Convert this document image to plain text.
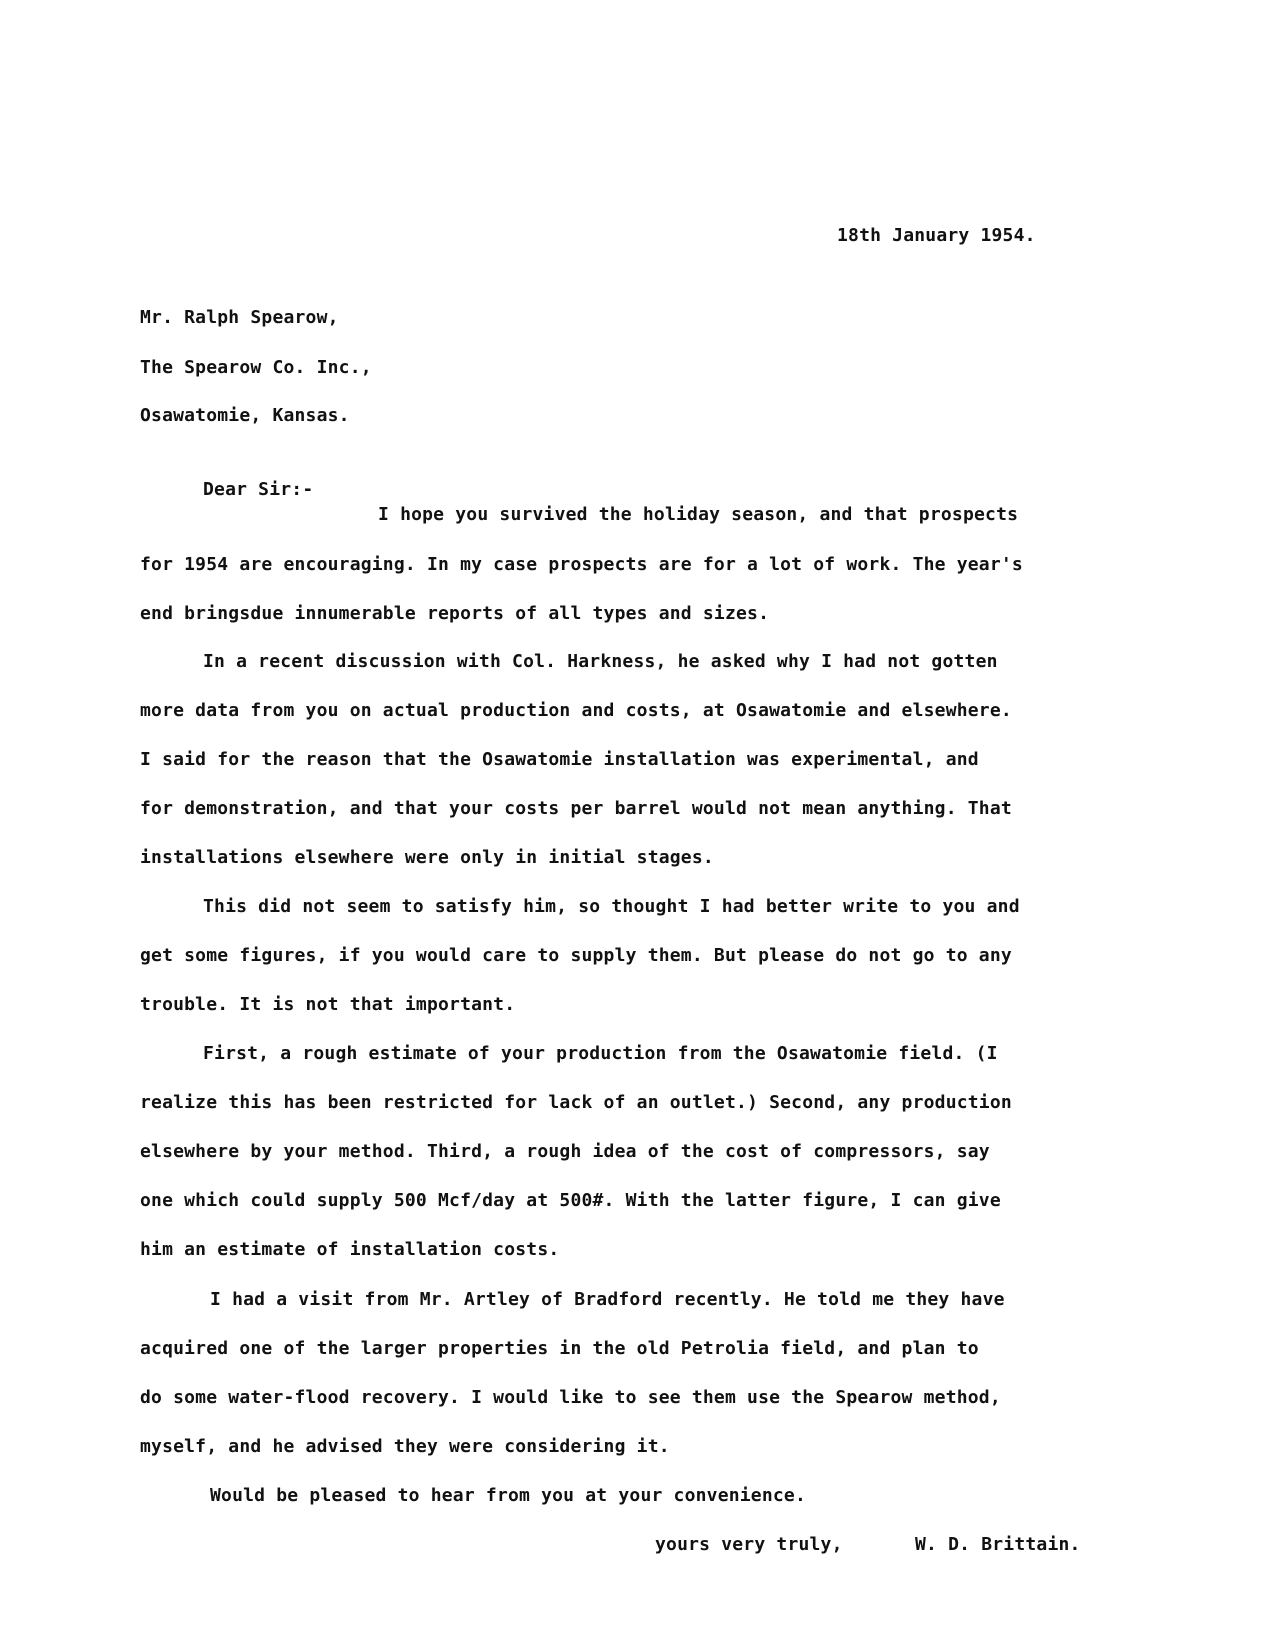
18th January 1954.
Mr. Ralph Spearow,
The Spearow Co. Inc.,
Osawatomie, Kansas.
Dear Sir:-
I hope you survived the holiday season, and that prospects
for 1954 are encouraging. In my case prospects are for a lot of work. The year's
end bringsdue innumerable reports of all types and sizes.
In a recent discussion with Col. Harkness, he asked why I had not gotten
more data from you on actual production and costs, at Osawatomie and elsewhere.
I said for the reason that the Osawatomie installation was experimental, and
for demonstration, and that your costs per barrel would not mean anything. That
installations elsewhere were only in initial stages.
This did not seem to satisfy him, so thought I had better write to you and
get some figures, if you would care to supply them. But please do not go to any
trouble. It is not that important.
First, a rough estimate of your production from the Osawatomie field. (I
realize this has been restricted for lack of an outlet.) Second, any production
elsewhere by your method. Third, a rough idea of the cost of compressors, say
one which could supply 500 Mcf/day at 500#. With the latter figure, I can give
him an estimate of installation costs.
I had a visit from Mr. Artley of Bradford recently. He told me they have
acquired one of the larger properties in the old Petrolia field, and plan to
do some water-flood recovery. I would like to see them use the Spearow method,
myself, and he advised they were considering it.
Would be pleased to hear from you at your convenience.
yours very truly,	W. D. Brittain.
